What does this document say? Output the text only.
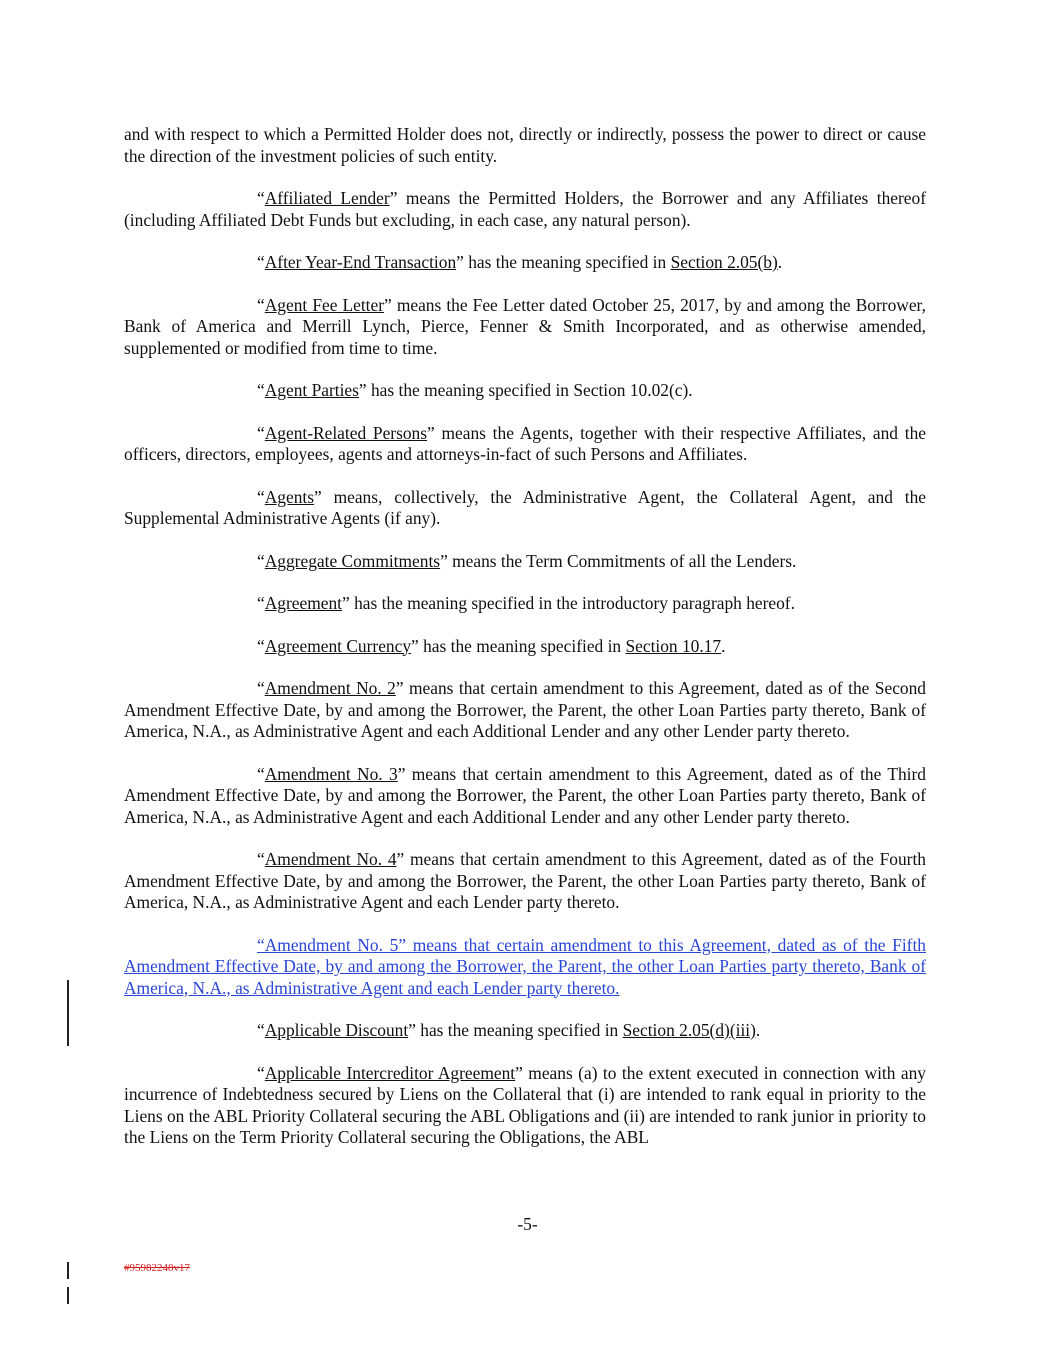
and with respect to which a Permitted Holder does not, directly or indirectly, possess the power to direct or cause the direction of the investment policies of such entity.

“Affiliated Lender” means the Permitted Holders, the Borrower and any Affiliates thereof (including Affiliated Debt Funds but excluding, in each case, any natural person).

“After Year-End Transaction” has the meaning specified in Section 2.05(b).

“Agent Fee Letter” means the Fee Letter dated October 25, 2017, by and among the Borrower, Bank of America and Merrill Lynch, Pierce, Fenner & Smith Incorporated, and as otherwise amended, supplemented or modified from time to time.

“Agent Parties” has the meaning specified in Section 10.02(c).

“Agent-Related Persons” means the Agents, together with their respective Affiliates, and the officers, directors, employees, agents and attorneys-in-fact of such Persons and Affiliates.

“Agents” means, collectively, the Administrative Agent, the Collateral Agent, and the Supplemental Administrative Agents (if any).

“Aggregate Commitments” means the Term Commitments of all the Lenders.

“Agreement” has the meaning specified in the introductory paragraph hereof.

“Agreement Currency” has the meaning specified in Section 10.17.

“Amendment No. 2” means that certain amendment to this Agreement, dated as of the Second Amendment Effective Date, by and among the Borrower, the Parent, the other Loan Parties party thereto, Bank of America, N.A., as Administrative Agent and each Additional Lender and any other Lender party thereto.

“Amendment No. 3” means that certain amendment to this Agreement, dated as of the Third Amendment Effective Date, by and among the Borrower, the Parent, the other Loan Parties party thereto, Bank of America, N.A., as Administrative Agent and each Additional Lender and any other Lender party thereto.

“Amendment No. 4” means that certain amendment to this Agreement, dated as of the Fourth Amendment Effective Date, by and among the Borrower, the Parent, the other Loan Parties party thereto, Bank of America, N.A., as Administrative Agent and each Lender party thereto.

“Amendment No. 5” means that certain amendment to this Agreement, dated as of the Fifth Amendment Effective Date, by and among the Borrower, the Parent, the other Loan Parties party thereto, Bank of America, N.A., as Administrative Agent and each Lender party thereto.

“Applicable Discount” has the meaning specified in Section 2.05(d)(iii).

“Applicable Intercreditor Agreement” means (a) to the extent executed in connection with any incurrence of Indebtedness secured by Liens on the Collateral that (i) are intended to rank equal in priority to the Liens on the ABL Priority Collateral securing the ABL Obligations and (ii) are intended to rank junior in priority to the Liens on the Term Priority Collateral securing the Obligations, the ABL

-5-
#95982248v17
